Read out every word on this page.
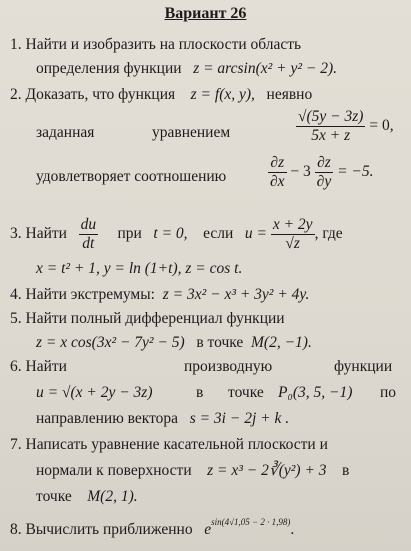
Вариант 26
1. Найти и изобразить на плоскости область
определения функции z = arcsin(x² + y² − 2).
2. Доказать, что функция z = f(x, y), неявно
заданная	уравнением	$\frac{√(5y - 3z)}{5x + z} = 0$,
удовлетворяет соотношению	$\frac{\partial z}{\partial x} - 3 \frac{\partial z}{\partial y} = -5$.
3. Найти $\frac{du}{dt}$ при t = 0, если $u = \frac{x + 2y}{√z}$ , где
x = t² + 1, y = ln (1+t), z = cos t.
4. Найти экстремумы: z = 3x² − x³ + 3y² + 4y.
5. Найти полный дифференциал функции
z = x cos(3x² − 7y² − 5) в точке M(2, −1).
6. Найти	производную	функции
u = √(x + 2y − 3z)	в точке P₀(3, 5, −1) по
направлению вектора s = 3i − 2j + k .
7. Написать уравнение касательной плоскости и
нормали к поверхности z = x³ − 2∛(y²) + 3 в
точке M(2, 1).
8. Вычислить приближенно $e^{sin(4√1,05 - 2 \cdot 1,98)}$.
